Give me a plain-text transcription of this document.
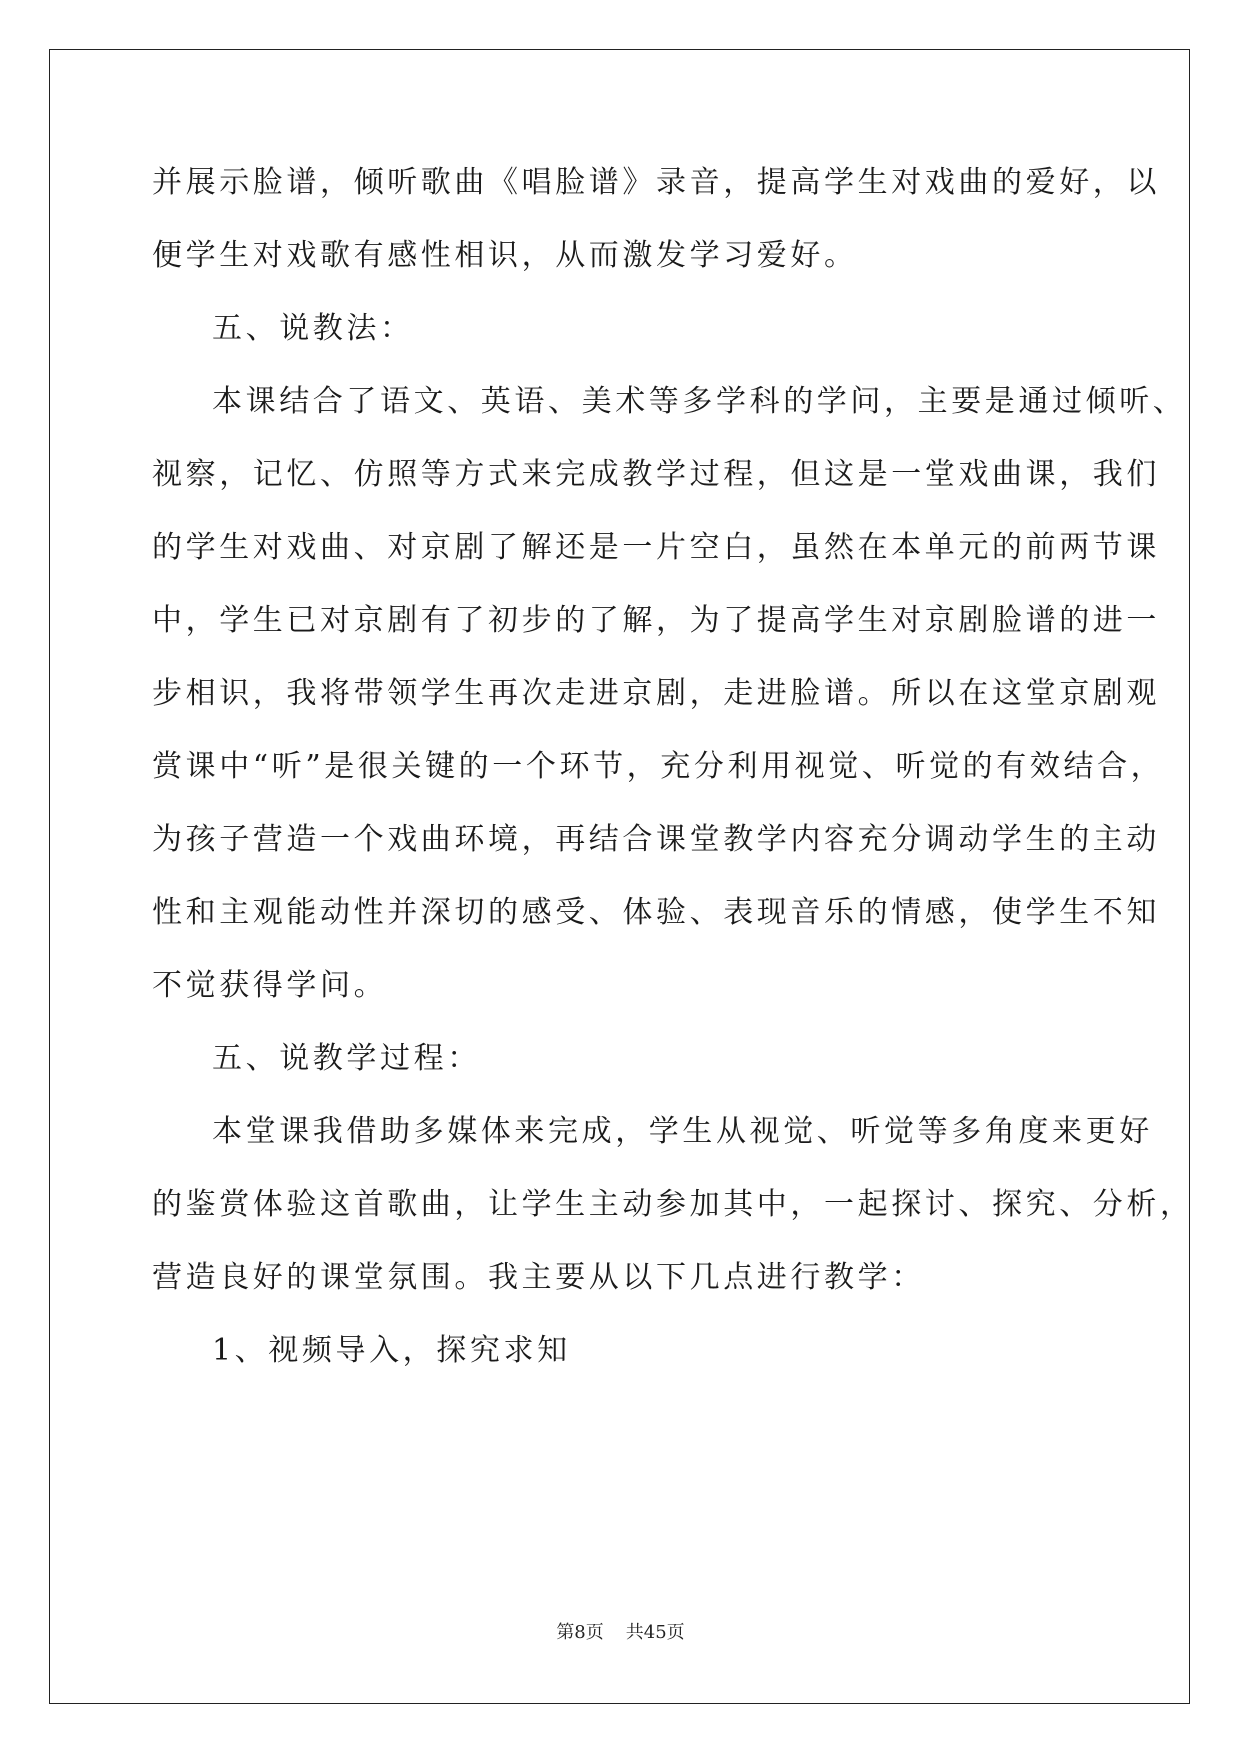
并展示脸谱，倾听歌曲《唱脸谱》录音，提高学生对戏曲的爱好，以
便学生对戏歌有感性相识，从而激发学习爱好。
五、说教法：
本课结合了语文、英语、美术等多学科的学问，主要是通过倾听、
视察，记忆、仿照等方式来完成教学过程，但这是一堂戏曲课，我们
的学生对戏曲、对京剧了解还是一片空白，虽然在本单元的前两节课
中，学生已对京剧有了初步的了解，为了提高学生对京剧脸谱的进一
步相识，我将带领学生再次走进京剧，走进脸谱。所以在这堂京剧观
赏课中“听”是很关键的一个环节，充分利用视觉、听觉的有效结合，
为孩子营造一个戏曲环境，再结合课堂教学内容充分调动学生的主动
性和主观能动性并深切的感受、体验、表现音乐的情感，使学生不知
不觉获得学问。
五、说教学过程：
本堂课我借助多媒体来完成，学生从视觉、听觉等多角度来更好
的鉴赏体验这首歌曲，让学生主动参加其中，一起探讨、探究、分析，
营造良好的课堂氛围。我主要从以下几点进行教学：
1、视频导入，探究求知
第8页 共45页
